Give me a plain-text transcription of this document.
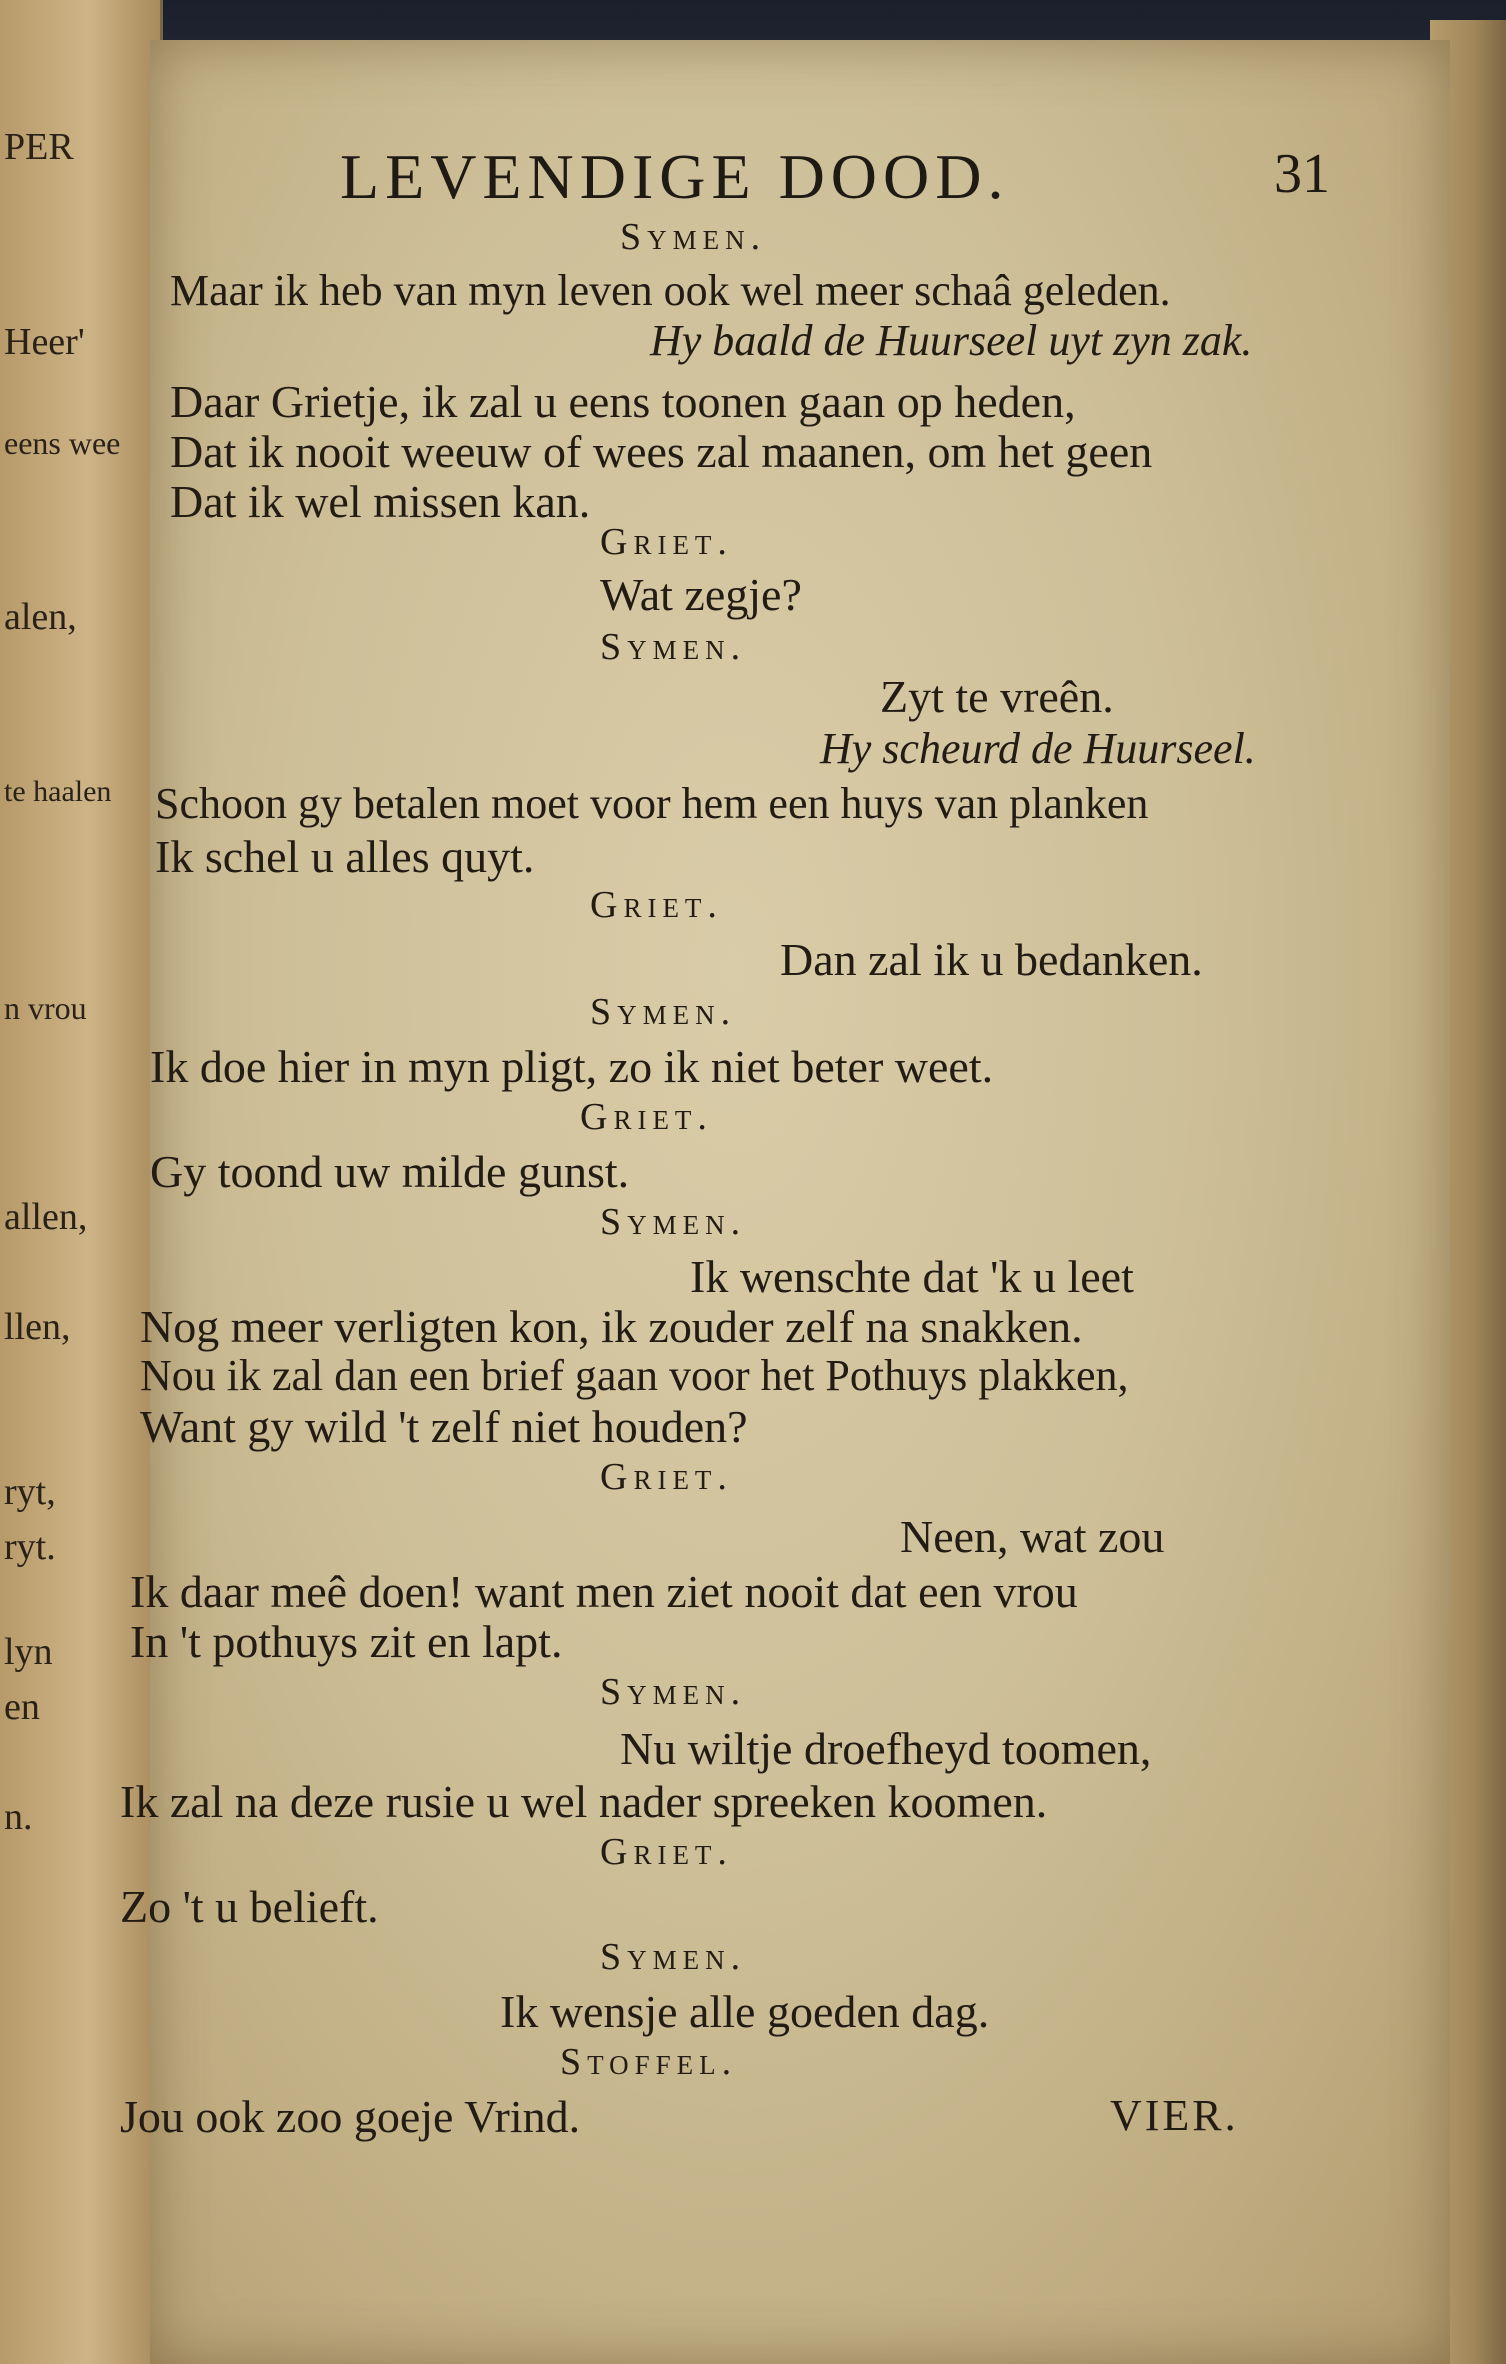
PER
Heer'
eens wee
alen,
te haalen
n vrou
allen,
llen,
ryt,
ryt.
lyn
en
n.
LEVENDIGE DOOD.	31
Symen.
Maar ik heb van myn leven ook wel meer schaâ geleden.
Hy baald de Huurseel uyt zyn zak.
Daar Grietje, ik zal u eens toonen gaan op heden,
Dat ik nooit weeuw of wees zal maanen, om het geen
Dat ik wel missen kan.
Griet.
Wat zegje?
Symen.
Zyt te vreên.
Hy scheurd de Huurseel.
Schoon gy betalen moet voor hem een huys van planken
Ik schel u alles quyt.
Griet.
Dan zal ik u bedanken.
Symen.
Ik doe hier in myn pligt, zo ik niet beter weet.
Griet.
Gy toond uw milde gunst.
Symen.
Ik wenschte dat 'k u leet
Nog meer verligten kon, ik zouder zelf na snakken.
Nou ik zal dan een brief gaan voor het Pothuys plakken,
Want gy wild 't zelf niet houden?
Griet.
Neen, wat zou
Ik daar meê doen! want men ziet nooit dat een vrou
In 't pothuys zit en lapt.
Symen.
Nu wiltje droefheyd toomen,
Ik zal na deze rusie u wel nader spreeken koomen.
Griet.
Zo 't u belieft.
Symen.
Ik wensje alle goeden dag.
Stoffel.
Jou ook zoo goeje Vrind.	VIER.
